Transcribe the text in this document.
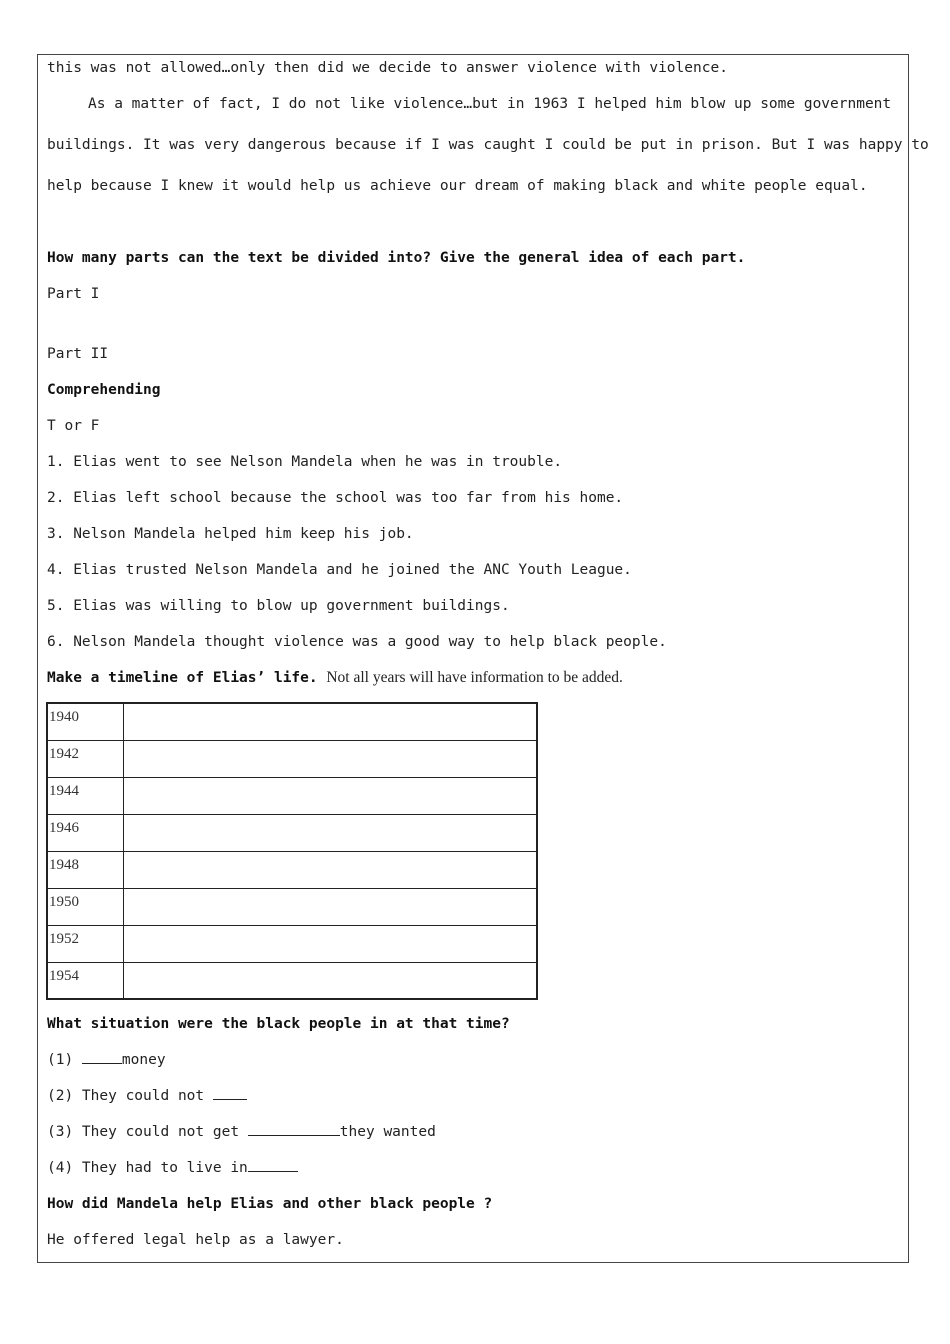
this was not allowed…only then did we decide to answer violence with violence.
As a matter of fact, I do not like violence…but in 1963 I helped him blow up some government
buildings. It was very dangerous because if I was caught I could be put in prison. But I was happy to
help because I knew it would help us achieve our dream of making black and white people equal.
How many parts can the text be divided into? Give the general idea of each part.
Part I
Part II
Comprehending
T or F
1. Elias went to see Nelson Mandela when he was in trouble.
2. Elias left school because the school was too far from his home.
3. Nelson Mandela helped him keep his job.
4. Elias trusted Nelson Mandela and he joined the ANC Youth League.
5. Elias was willing to blow up government buildings.
6. Nelson Mandela thought violence was a good way to help black people.
Make a timeline of Elias’ life. Not all years will have information to be added.
1940	
1942	
1944	
1946	
1948	
1950	
1952	
1954	
What situation were the black people in at that time?
(1)	money
(2) They could not
(3) They could not get	they wanted
(4) They had to live in
How did Mandela help Elias and other black people ?
He offered legal help as a lawyer.
